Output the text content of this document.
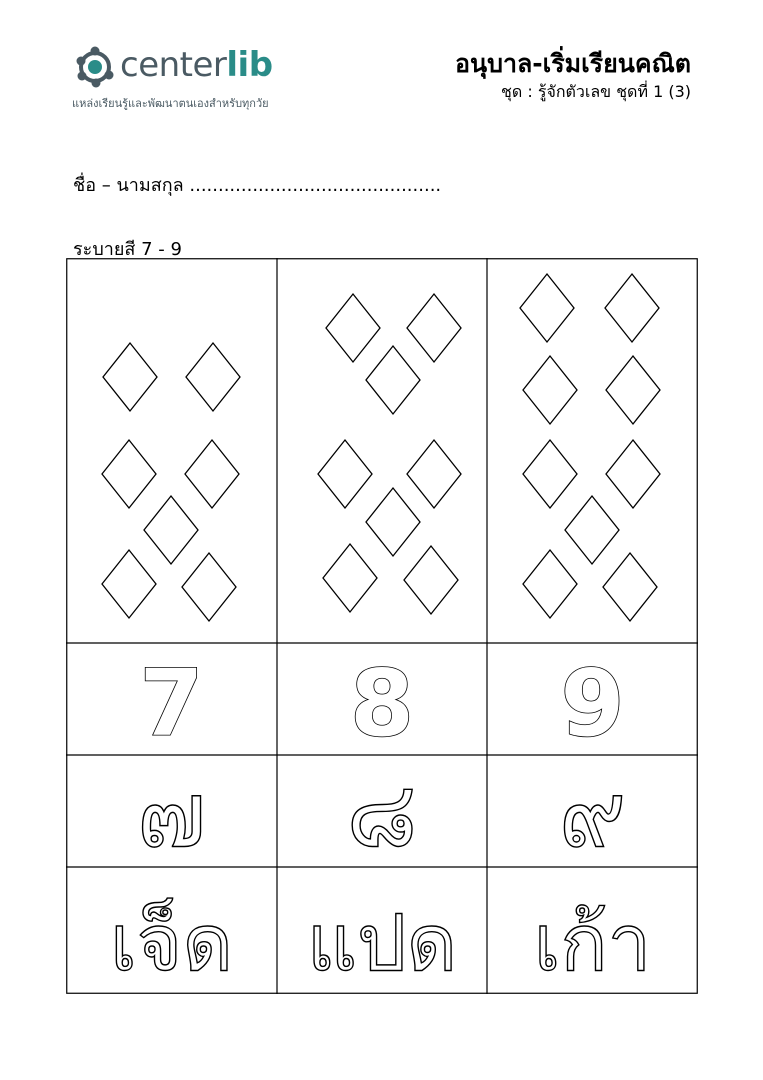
centerlib
แหล่งเรียนรู้และพัฒนาตนเองสำหรับทุกวัย
อนุบาล-เริ่มเรียนคณิต
ชุด : รู้จักตัวเลข ชุดที่ 1 (3)
ชื่อ – นามสกุล ............................................
ระบายสี 7 - 9
7
๗
เจ็ด
8
๘
แปด
9
๙
เก้า
